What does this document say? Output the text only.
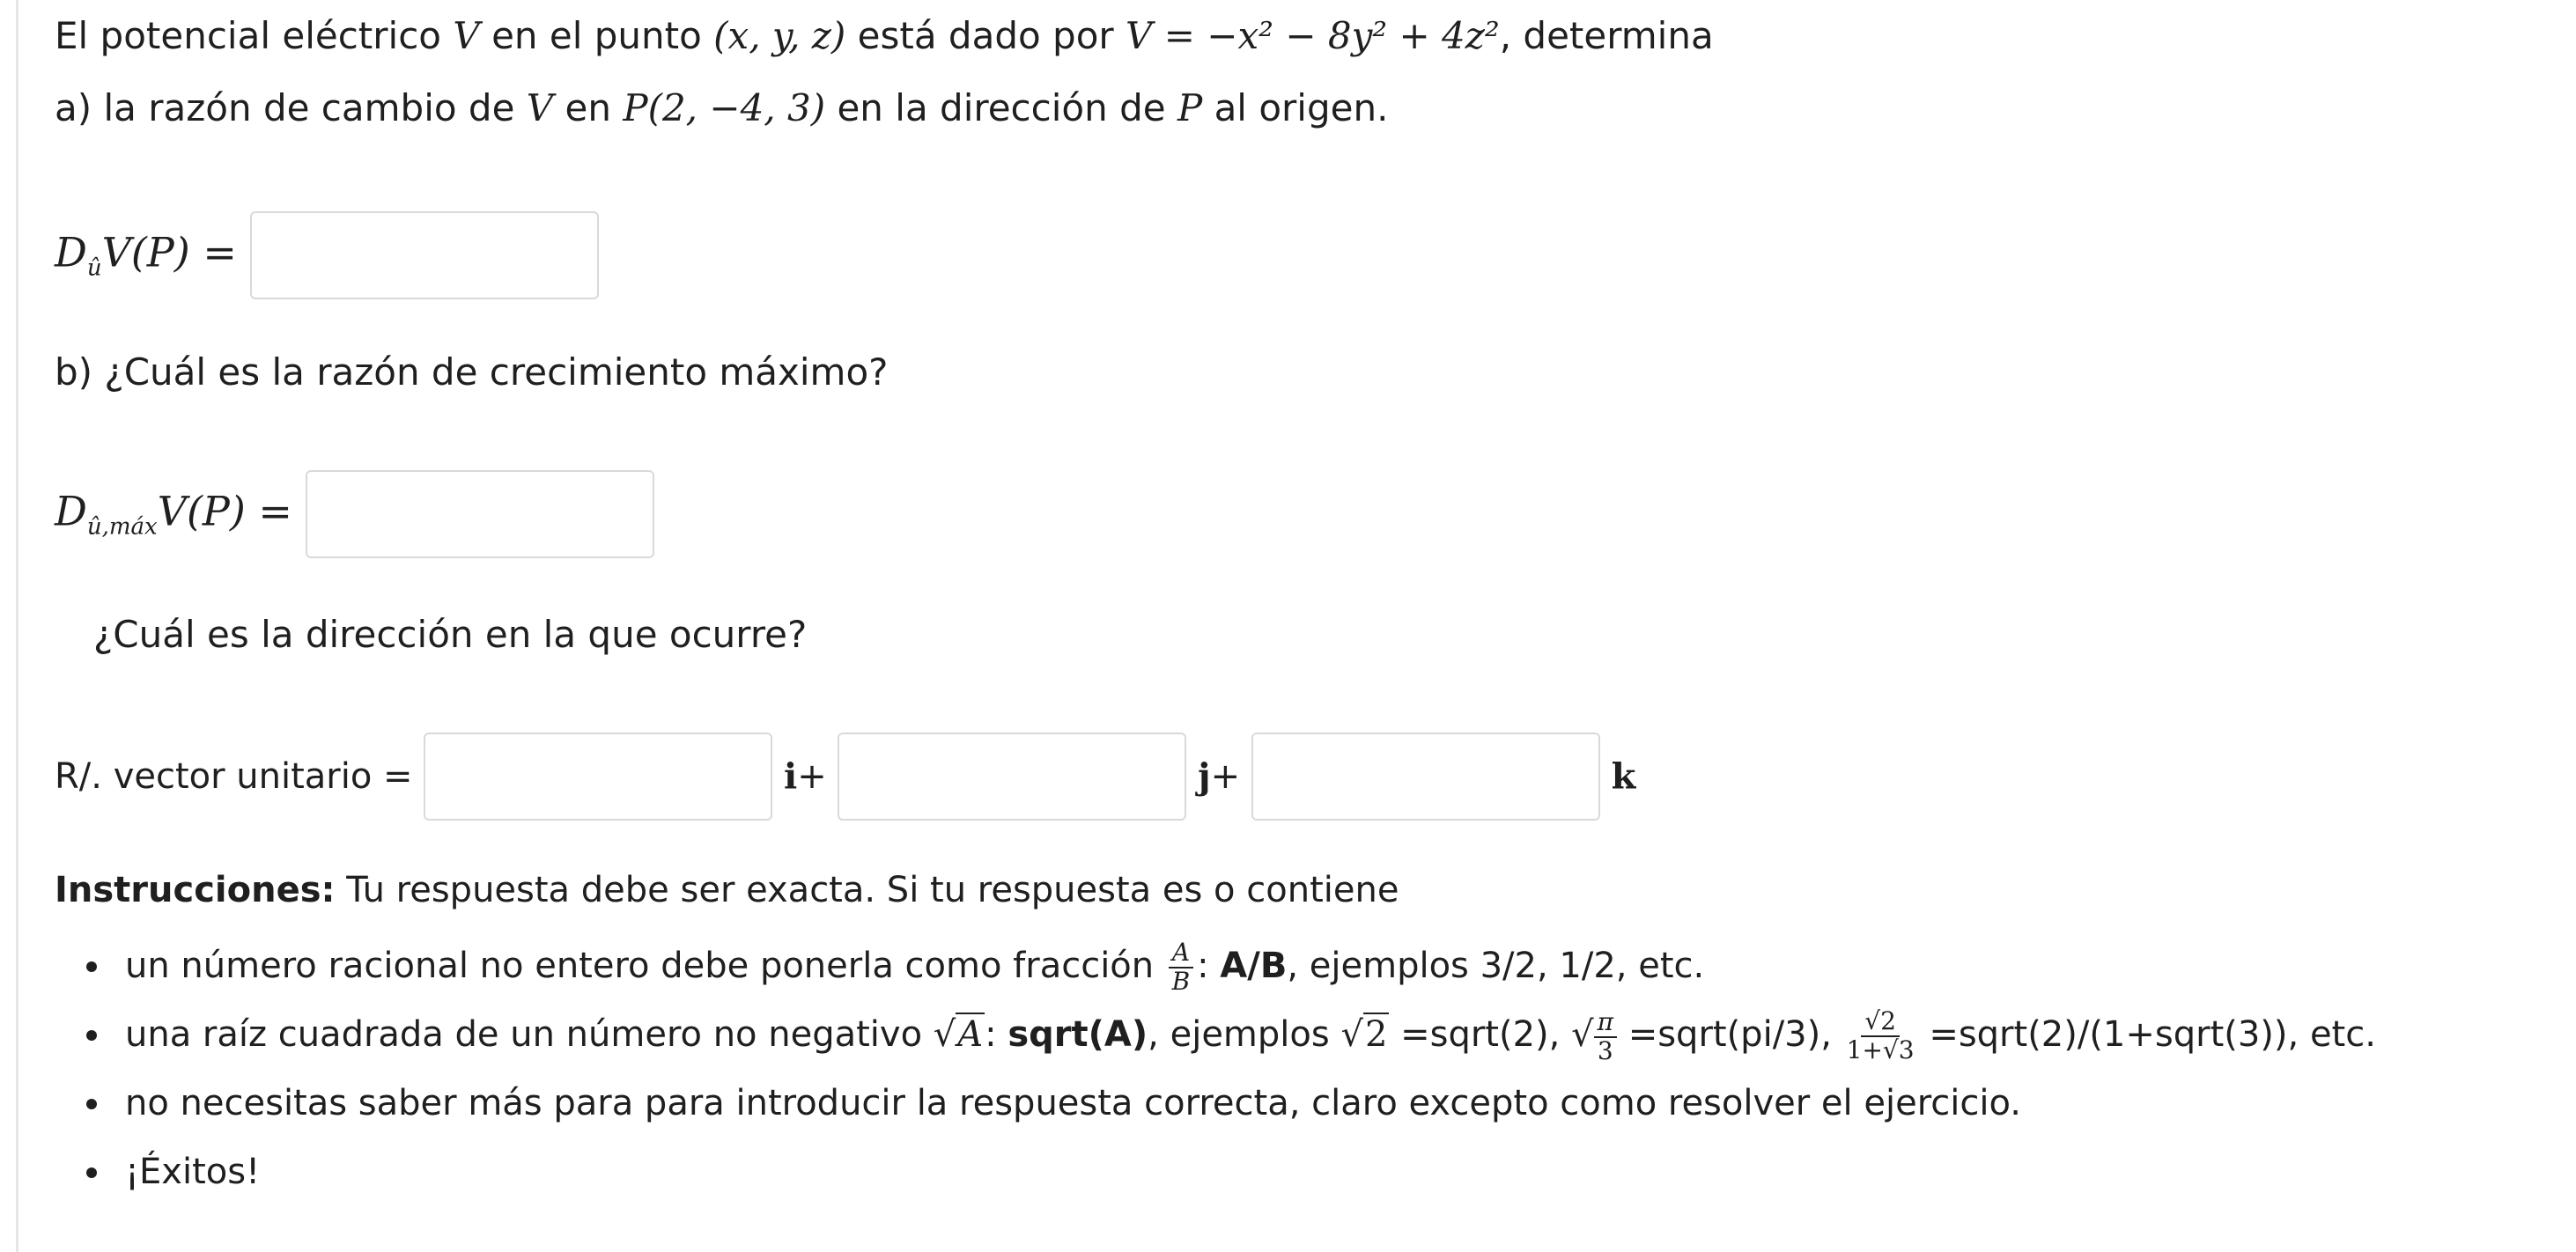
El potencial eléctrico V en el punto (x, y, z) está dado por V = −x² − 8y² + 4z², determina
a) la razón de cambio de V en P(2, −4, 3) en la dirección de P al origen.
$D_ûV(P)$ =
b) ¿Cuál es la razón de crecimiento máximo?
$D_{û,máx}V(P)$ =
¿Cuál es la dirección en la que ocurre?
R/. vector unitario =	i+	j+	k
Instrucciones: Tu respuesta debe ser exacta. Si tu respuesta es o contiene
un número racional no entero debe ponerla como fracción $\frac{A}{B}$ : A/B, ejemplos 3/2, 1/2, etc.
una raíz cuadrada de un número no negativo √A: sqrt(A), ejemplos √2 =sqrt(2), √ $\frac{\pi}{3}$ =sqrt(pi/3), $\frac{√2}{1+√3}$ =sqrt(2)/(1+sqrt(3)), etc.
no necesitas saber más para para introducir la respuesta correcta, claro excepto como resolver el ejercicio.
¡Éxitos!
